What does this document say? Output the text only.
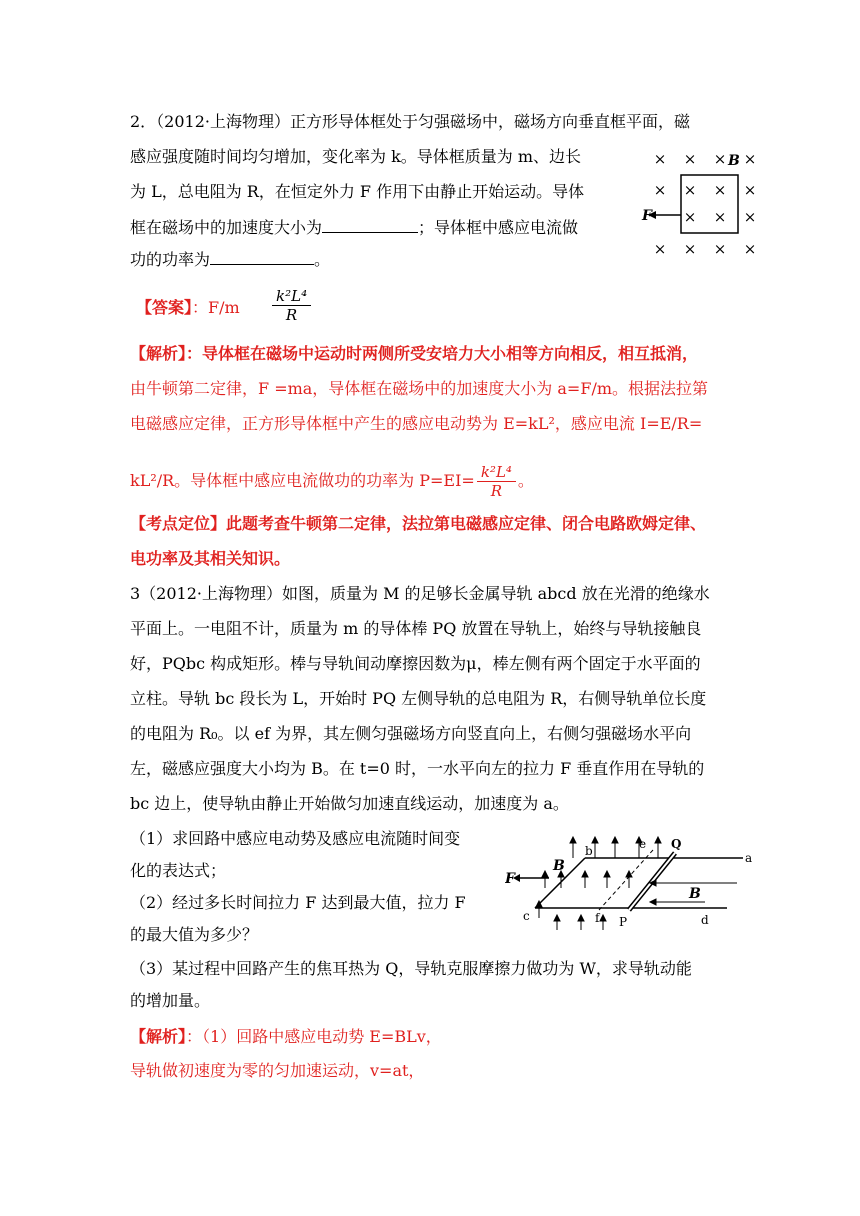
2．（2012·上海物理）正方形导体框处于匀强磁场中，磁场方向垂直框平面，磁
感应强度随时间均匀增加，变化率为 k。导体框质量为 m、边长
为 L，总电阻为 R，在恒定外力 F 作用下由静止开始运动。导体
框在磁场中的加速度大小为	；导体框中感应电流做
功的功率为	。
× × × ×
× × × ×
× × ×
× × × ×
F
B
【答案】：$F/m \frac{\text{k²L⁴}}{R}$
【解析】：导体框在磁场中运动时两侧所受安培力大小相等方向相反，相互抵消，
由牛顿第二定律，F =ma，导体框在磁场中的加速度大小为 a=F/m。根据法拉第
电磁感应定律，正方形导体框中产生的感应电动势为 E=kL²，感应电流 I=E/R=
kL²/R。导体框中感应电流做功的功率为 $P=EI= \frac{\text{k²L⁴}}{R}$ 。
【考点定位】此题考查牛顿第二定律，法拉第电磁感应定律、闭合电路欧姆定律、
电功率及其相关知识。
3（2012·上海物理）如图，质量为 M 的足够长金属导轨 abcd 放在光滑的绝缘水
平面上。一电阻不计，质量为 m 的导体棒 PQ 放置在导轨上，始终与导轨接触良
好，PQbc 构成矩形。棒与导轨间动摩擦因数为μ，棒左侧有两个固定于水平面的
立柱。导轨 bc 段长为 L，开始时 PQ 左侧导轨的总电阻为 R，右侧导轨单位长度
的电阻为 R₀。以 ef 为界，其左侧匀强磁场方向竖直向上，右侧匀强磁场水平向
左，磁感应强度大小均为 B。在 t=0 时，一水平向左的拉力 F 垂直作用在导轨的
bc 边上，使导轨由静止开始做匀加速直线运动，加速度为 a。
（1）求回路中感应电动势及感应电流随时间变
化的表达式；
（2）经过多长时间拉力 F 达到最大值，拉力 F
的最大值为多少？
（3）某过程中回路产生的焦耳热为 Q，导轨克服摩擦力做功为 W，求导轨动能
的增加量。
【解析】：（1）回路中感应电动势 E=BLv，
导轨做初速度为零的匀加速运动，v=at，
b	e Q
a
c	f P	d
B
B
F
